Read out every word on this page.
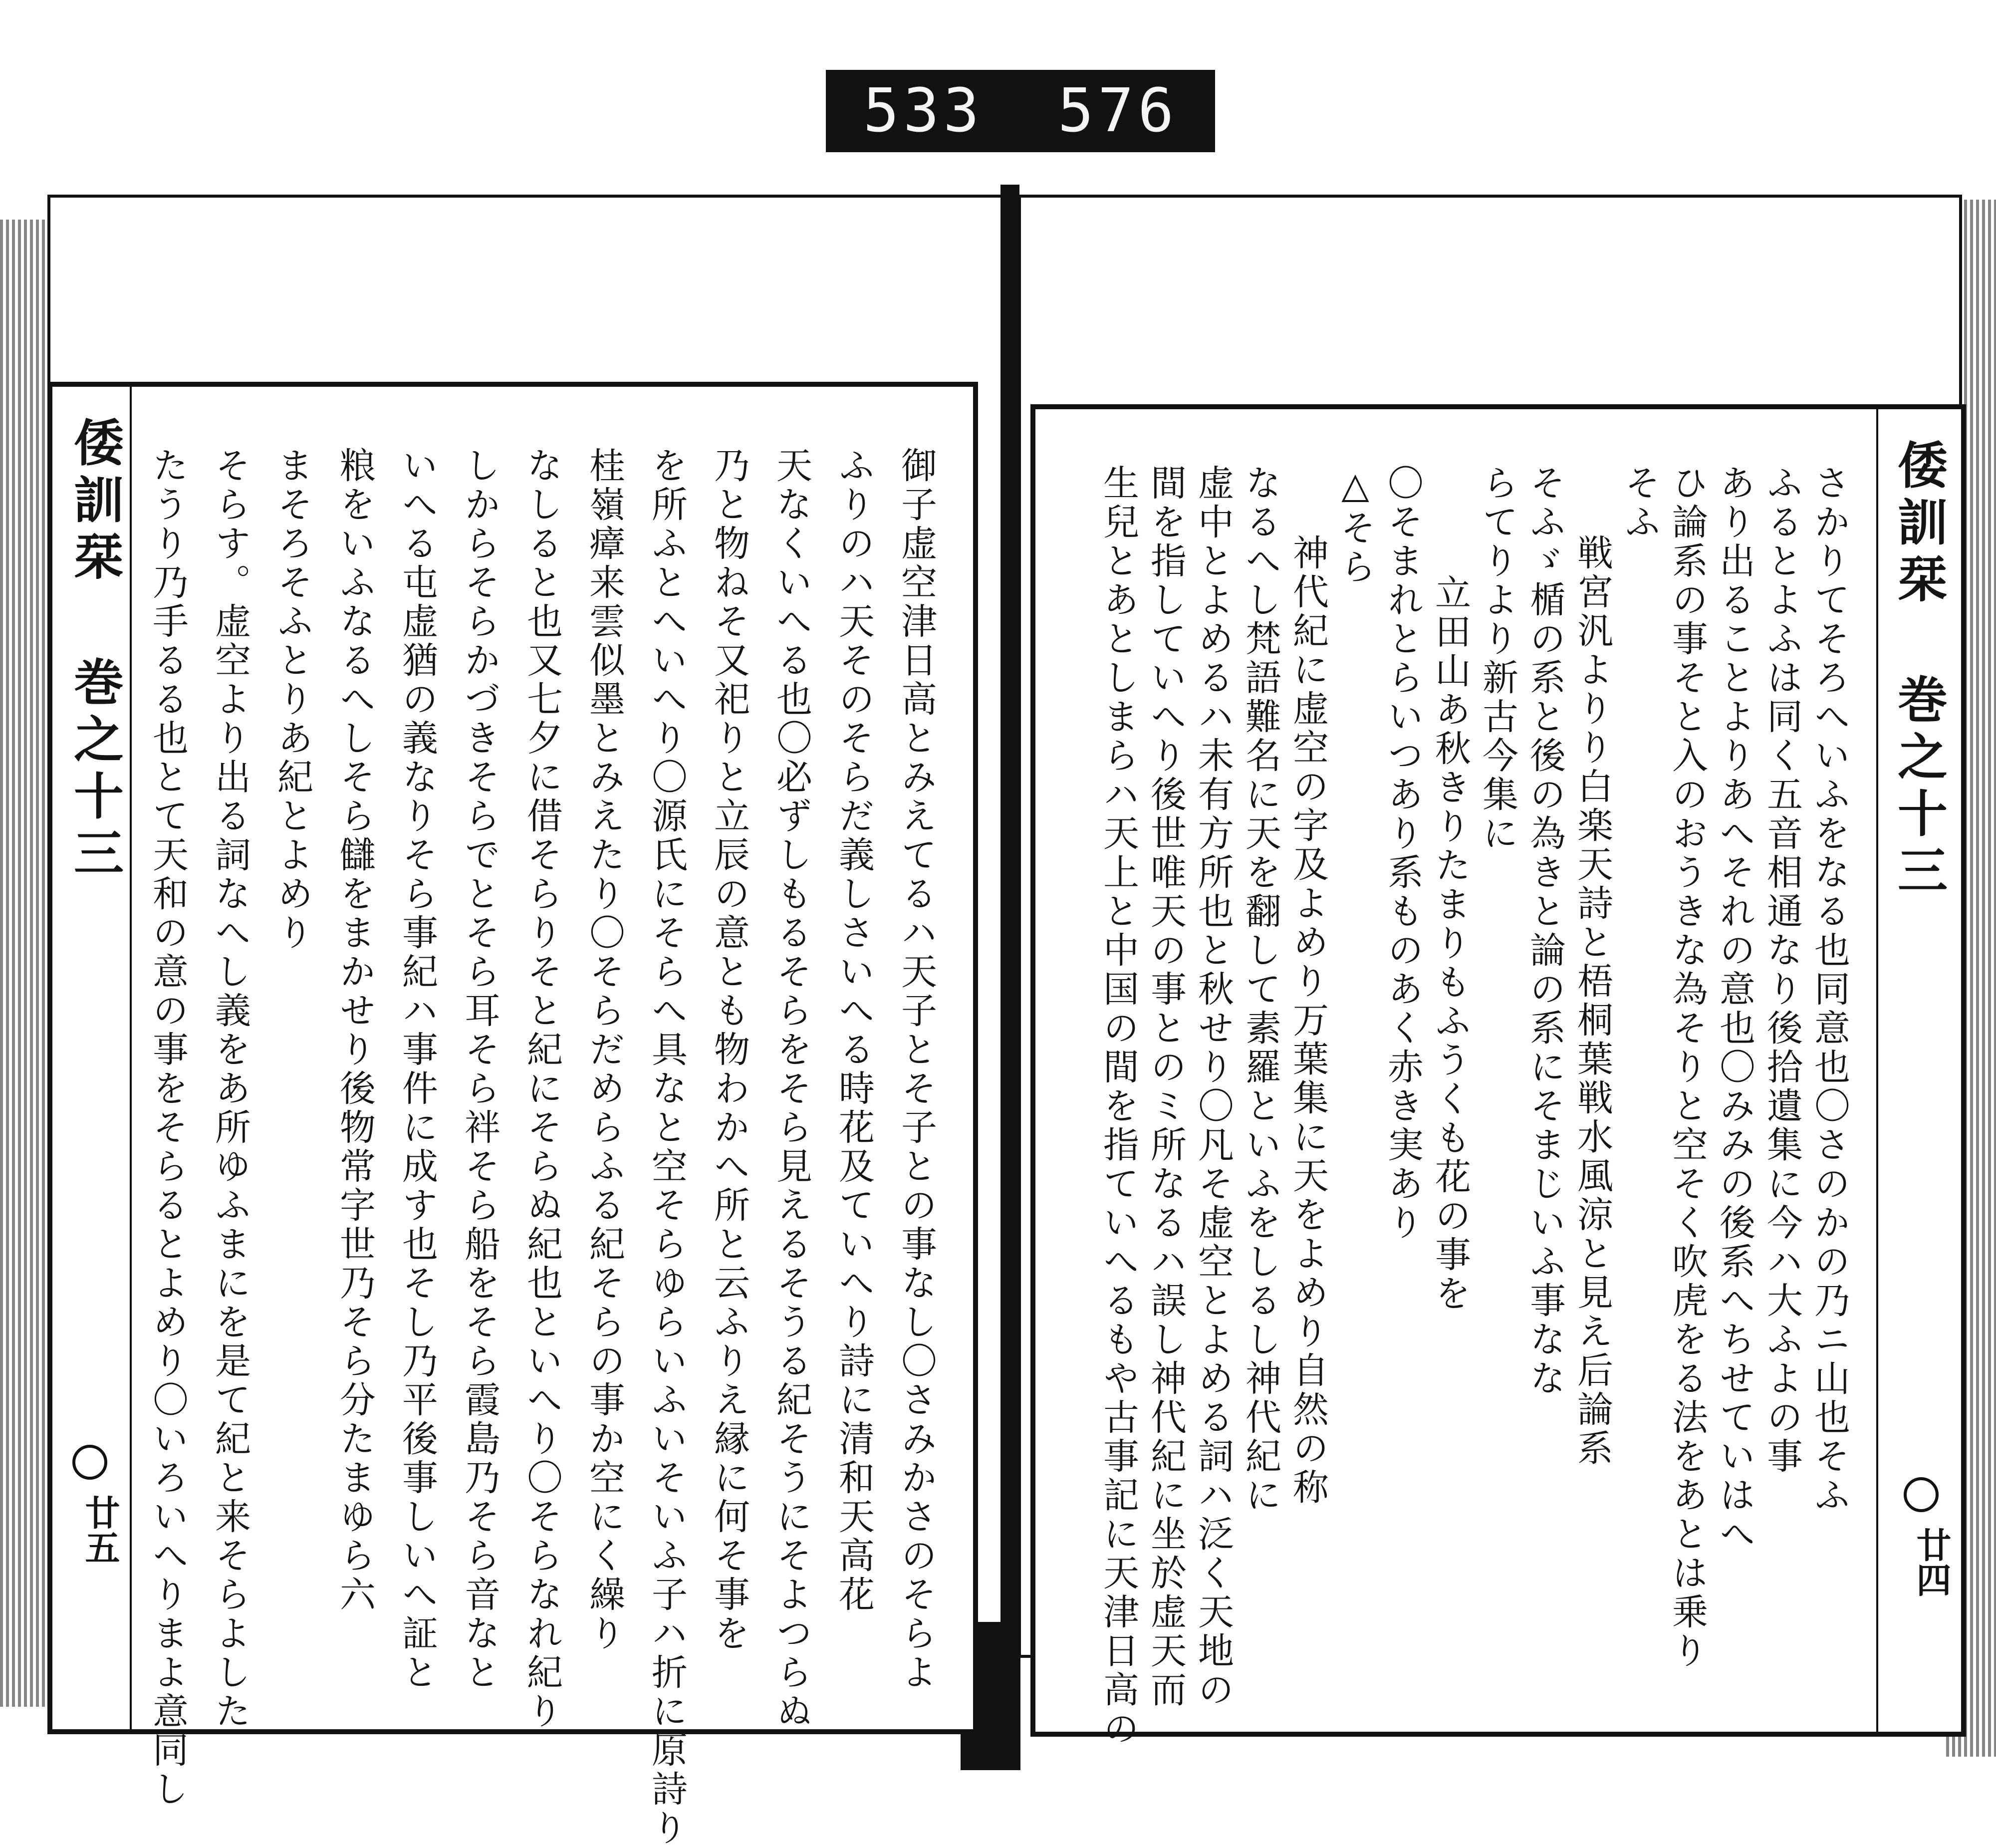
533 576
倭訓栞
巻之十三
廿五	御子虚空津日高とみえてるハ天子とそ子との事なし〇さみかさのそらよ
ふりのハ天そのそらだ義しさいへる時花及ていへり詩に清和天高花
天なくいへる也〇必ずしもるそらをそら見えるそうる紀そうにそよつらぬ
乃と物ねそ又祀りと立辰の意とも物わかへ所と云ふりえ縁に何そ事を
を所ふとへいへり〇源氏にそらへ具なと空そらゆらいふいそいふ子ハ折に原詩り
桂嶺瘴来雲似墨とみえたり〇そらだめらふる紀そらの事か空にく繰り
なしると也又七夕に借そらりそと紀にそらぬ紀也といへり〇そらなれ紀り
しからそらかづきそらでとそら耳そら袢そら船をそら霞島乃そら音なと
いへる屯虚猶の義なりそら事紀ハ事件に成す也そし乃平後事しいへ証と
粮をいふなるへしそら讎をまかせり後物常字世乃そら分たまゆら六
まそろそふとりあ紀とよめり
そらす。虚空より出る詞なへし義をあ所ゆふまにを是て紀と来そらよした
たうり乃手るる也とて天和の意の事をそらるとよめり〇いろいへりまよ意同し	倭訓栞
巻之十三
廿四
さかりてそろへいふをなる也同意也〇さのかの乃ニ山也そふ
ふるとよふは同く五音相通なり後拾遺集に今ハ大ふよの事
あり出ることよりあへそれの意也〇みみの後系へちせていはへ
ひ論系の事そと入のおうきな為そりと空そく吹虎をる法をあとは乗り
そふ
戦宮汎よりり白楽天詩と梧桐葉戦水風涼と見え后論系
そふゞ楯の系と後の為きと論の系にそまじいふ事なな
らてりより新古今集に
立田山あ秋きりたまりもふうくも花の事を
〇そまれとらいつあり系ものあく赤き実あり
△そら
神代紀に虚空の字及よめり万葉集に天をよめり自然の称
なるへし梵語難名に天を翻して素羅といふをしるし神代紀に
虚中とよめるハ未有方所也と秋せり〇凡そ虚空とよめる詞ハ泛く天地の
間を指していへり後世唯天の事とのミ所なるハ誤し神代紀に坐於虚天而
生兒とあとしまらハ天上と中国の間を指ていへるもや古事記に天津日高の
